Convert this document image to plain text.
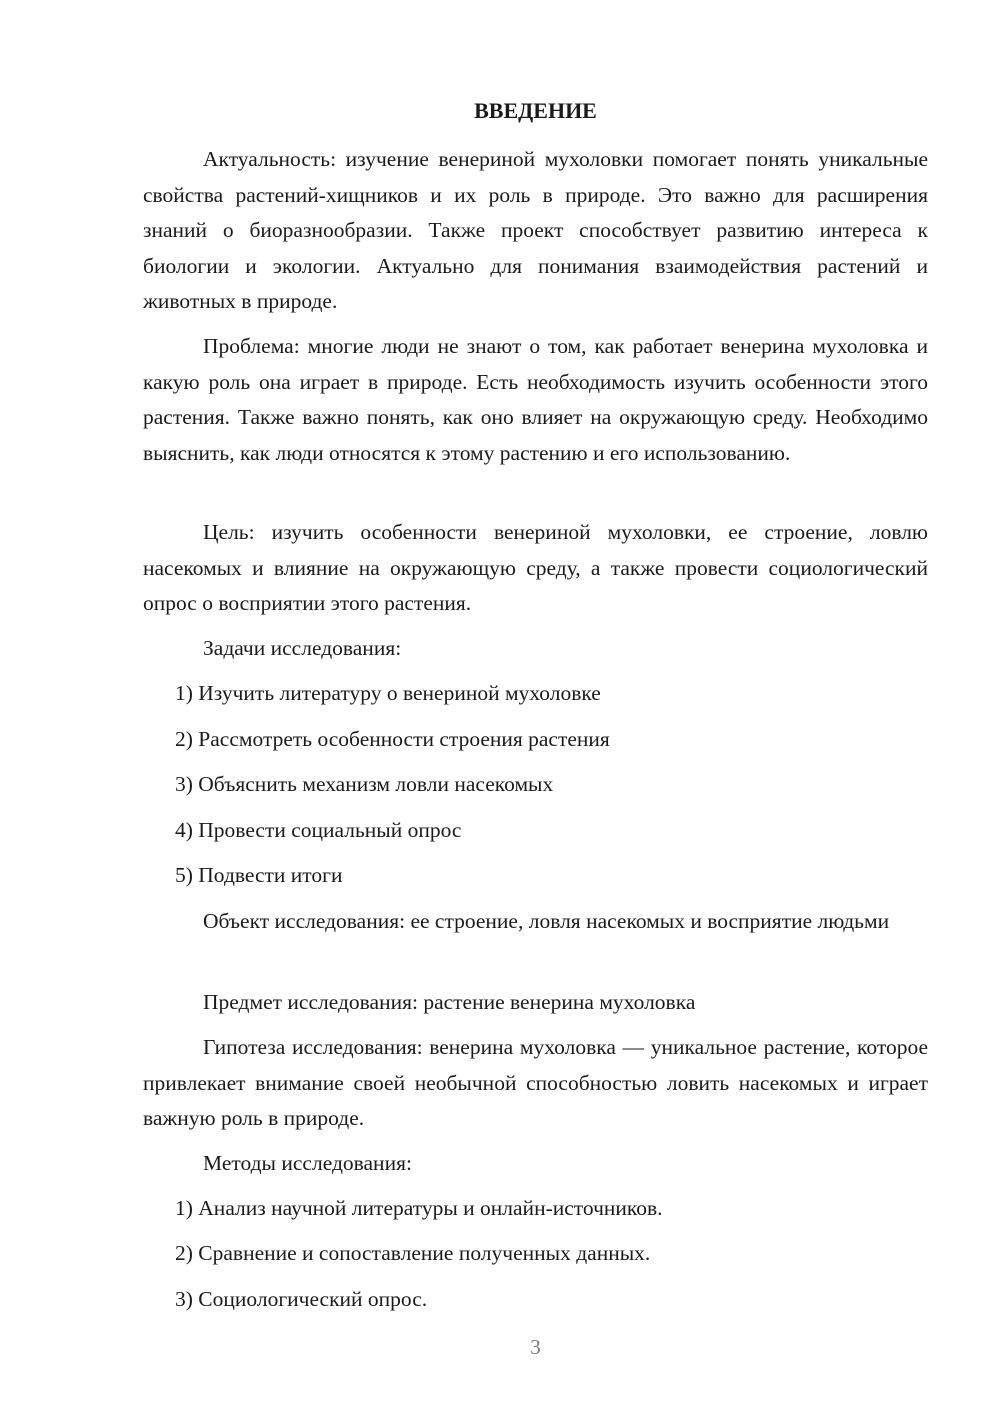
ВВЕДЕНИЕ

Актуальность: изучение венериной мухоловки помогает понять уникальные свойства растений-хищников и их роль в природе. Это важно для расширения знаний о биоразнообразии. Также проект способствует развитию интереса к биологии и экологии. Актуально для понимания взаимодействия растений и животных в природе.

Проблема: многие люди не знают о том, как работает венерина мухоловка и какую роль она играет в природе. Есть необходимость изучить особенности этого растения. Также важно понять, как оно влияет на окружающую среду. Необходимо выяснить, как люди относятся к этому растению и его использованию.

Цель: изучить особенности венериной мухоловки, ее строение, ловлю насекомых и влияние на окружающую среду, а также провести социологический опрос о восприятии этого растения.

Задачи исследования:

1) Изучить литературу о венериной мухоловке

2) Рассмотреть особенности строения растения

3) Объяснить механизм ловли насекомых

4) Провести социальный опрос

5) Подвести итоги

Объект исследования: ее строение, ловля насекомых и восприятие людьми

Предмет исследования: растение венерина мухоловка

Гипотеза исследования: венерина мухоловка — уникальное растение, которое привлекает внимание своей необычной способностью ловить насекомых и играет важную роль в природе.

Методы исследования:

1) Анализ научной литературы и онлайн-источников.

2) Сравнение и сопоставление полученных данных.

3) Социологический опрос.

3
